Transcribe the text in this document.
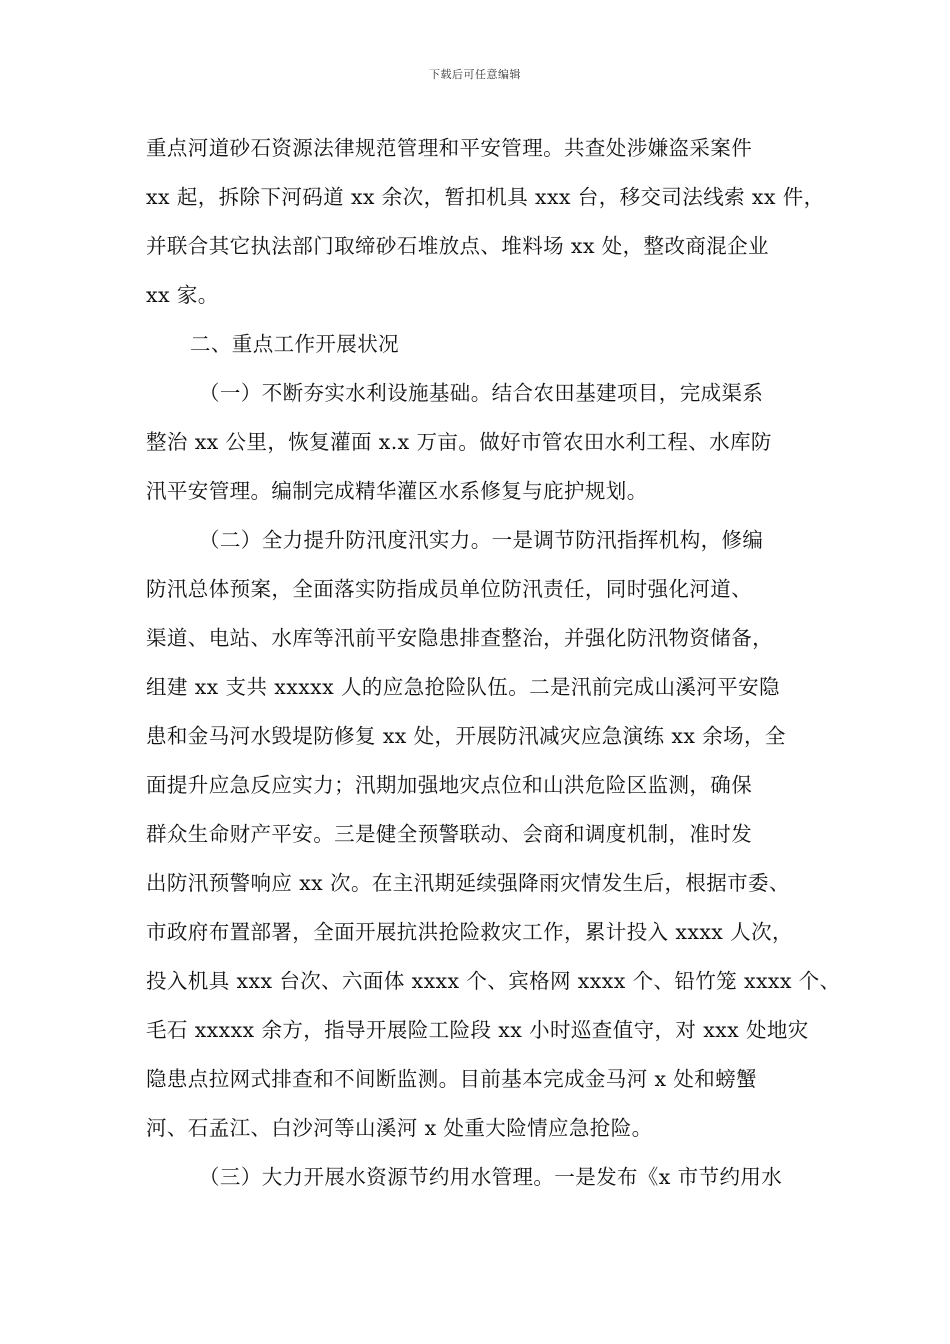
下载后可任意编辑
重点河道砂石资源法律规范管理和平安管理。共查处涉嫌盗采案件
xx 起，拆除下河码道 xx 余次，暂扣机具 xxx 台，移交司法线索 xx 件，
并联合其它执法部门取缔砂石堆放点、堆料场 xx 处，整改商混企业
xx 家。
二、重点工作开展状况
（一）不断夯实水利设施基础。结合农田基建项目，完成渠系
整治 xx 公里，恢复灌面 x.x 万亩。做好市管农田水利工程、水库防
汛平安管理。编制完成精华灌区水系修复与庇护规划。
（二）全力提升防汛度汛实力。一是调节防汛指挥机构，修编
防汛总体预案，全面落实防指成员单位防汛责任，同时强化河道、
渠道、电站、水库等汛前平安隐患排查整治，并强化防汛物资储备，
组建 xx 支共 xxxxx 人的应急抢险队伍。二是汛前完成山溪河平安隐
患和金马河水毁堤防修复 xx 处，开展防汛减灾应急演练 xx 余场，全
面提升应急反应实力；汛期加强地灾点位和山洪危险区监测，确保
群众生命财产平安。三是健全预警联动、会商和调度机制，准时发
出防汛预警响应 xx 次。在主汛期延续强降雨灾情发生后，根据市委、
市政府布置部署，全面开展抗洪抢险救灾工作，累计投入 xxxx 人次，
投入机具 xxx 台次、六面体 xxxx 个、宾格网 xxxx 个、铅竹笼 xxxx 个、
毛石 xxxxx 余方，指导开展险工险段 xx 小时巡查值守，对 xxx 处地灾
隐患点拉网式排查和不间断监测。目前基本完成金马河 x 处和螃蟹
河、石孟江、白沙河等山溪河 x 处重大险情应急抢险。
（三）大力开展水资源节约用水管理。一是发布《x 市节约用水
